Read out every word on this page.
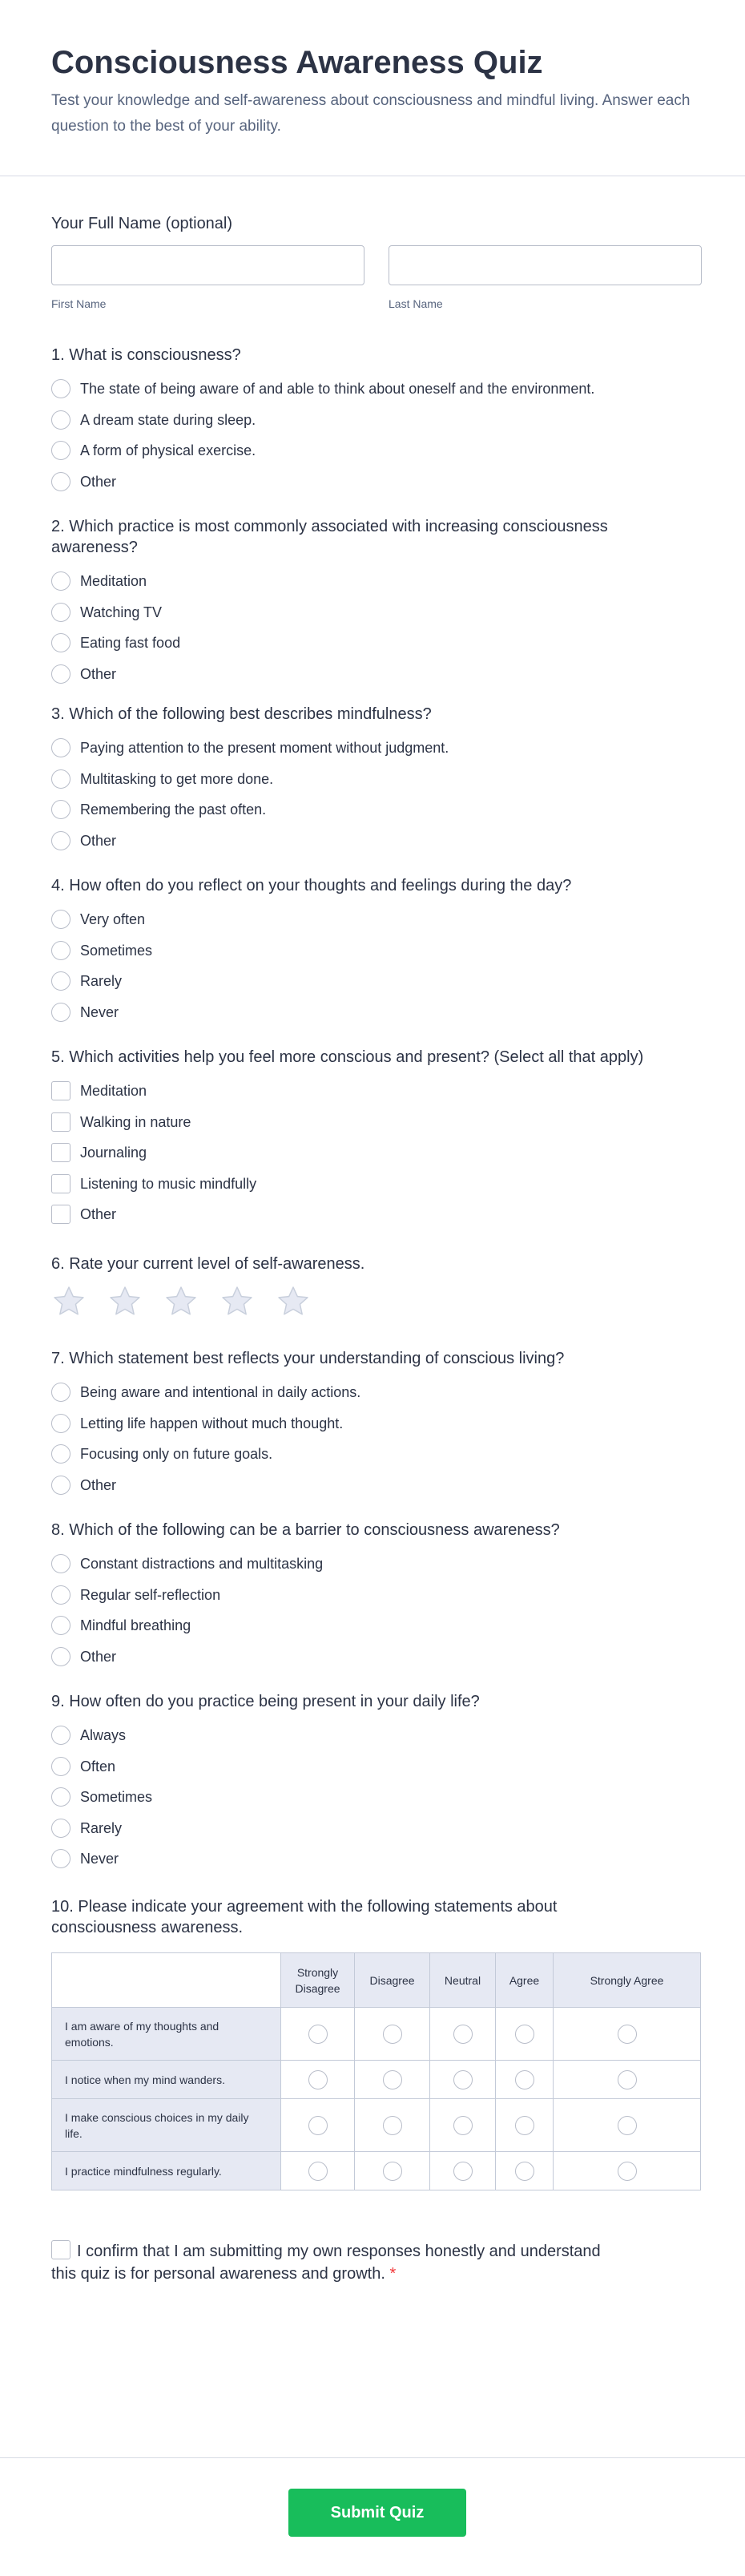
Consciousness Awareness Quiz

Test your knowledge and self-awareness about consciousness and mindful living. Answer each question to the best of your ability.

Your Full Name (optional)
First Name	Last Name
1. What is consciousness?
The state of being aware of and able to think about oneself and the environment.
A dream state during sleep.
A form of physical exercise.
Other
2. Which practice is most commonly associated with increasing consciousness awareness?
Meditation
Watching TV
Eating fast food
Other
3. Which of the following best describes mindfulness?
Paying attention to the present moment without judgment.
Multitasking to get more done.
Remembering the past often.
Other
4. How often do you reflect on your thoughts and feelings during the day?
Very often
Sometimes
Rarely
Never
5. Which activities help you feel more conscious and present? (Select all that apply)
Meditation
Walking in nature
Journaling
Listening to music mindfully
Other
6. Rate your current level of self-awareness.
7. Which statement best reflects your understanding of conscious living?
Being aware and intentional in daily actions.
Letting life happen without much thought.
Focusing only on future goals.
Other
8. Which of the following can be a barrier to consciousness awareness?
Constant distractions and multitasking
Regular self-reflection
Mindful breathing
Other
9. How often do you practice being present in your daily life?
Always
Often
Sometimes
Rarely
Never
10. Please indicate your agreement with the following statements about consciousness awareness.
	Strongly Disagree	Disagree	Neutral	Agree	Strongly Agree
I am aware of my thoughts and emotions.					
I notice when my mind wanders.					
I make conscious choices in my daily life.					
I practice mindfulness regularly.					
I confirm that I am submitting my own responses honestly and understand this quiz is for personal awareness and growth. *
Submit Quiz
